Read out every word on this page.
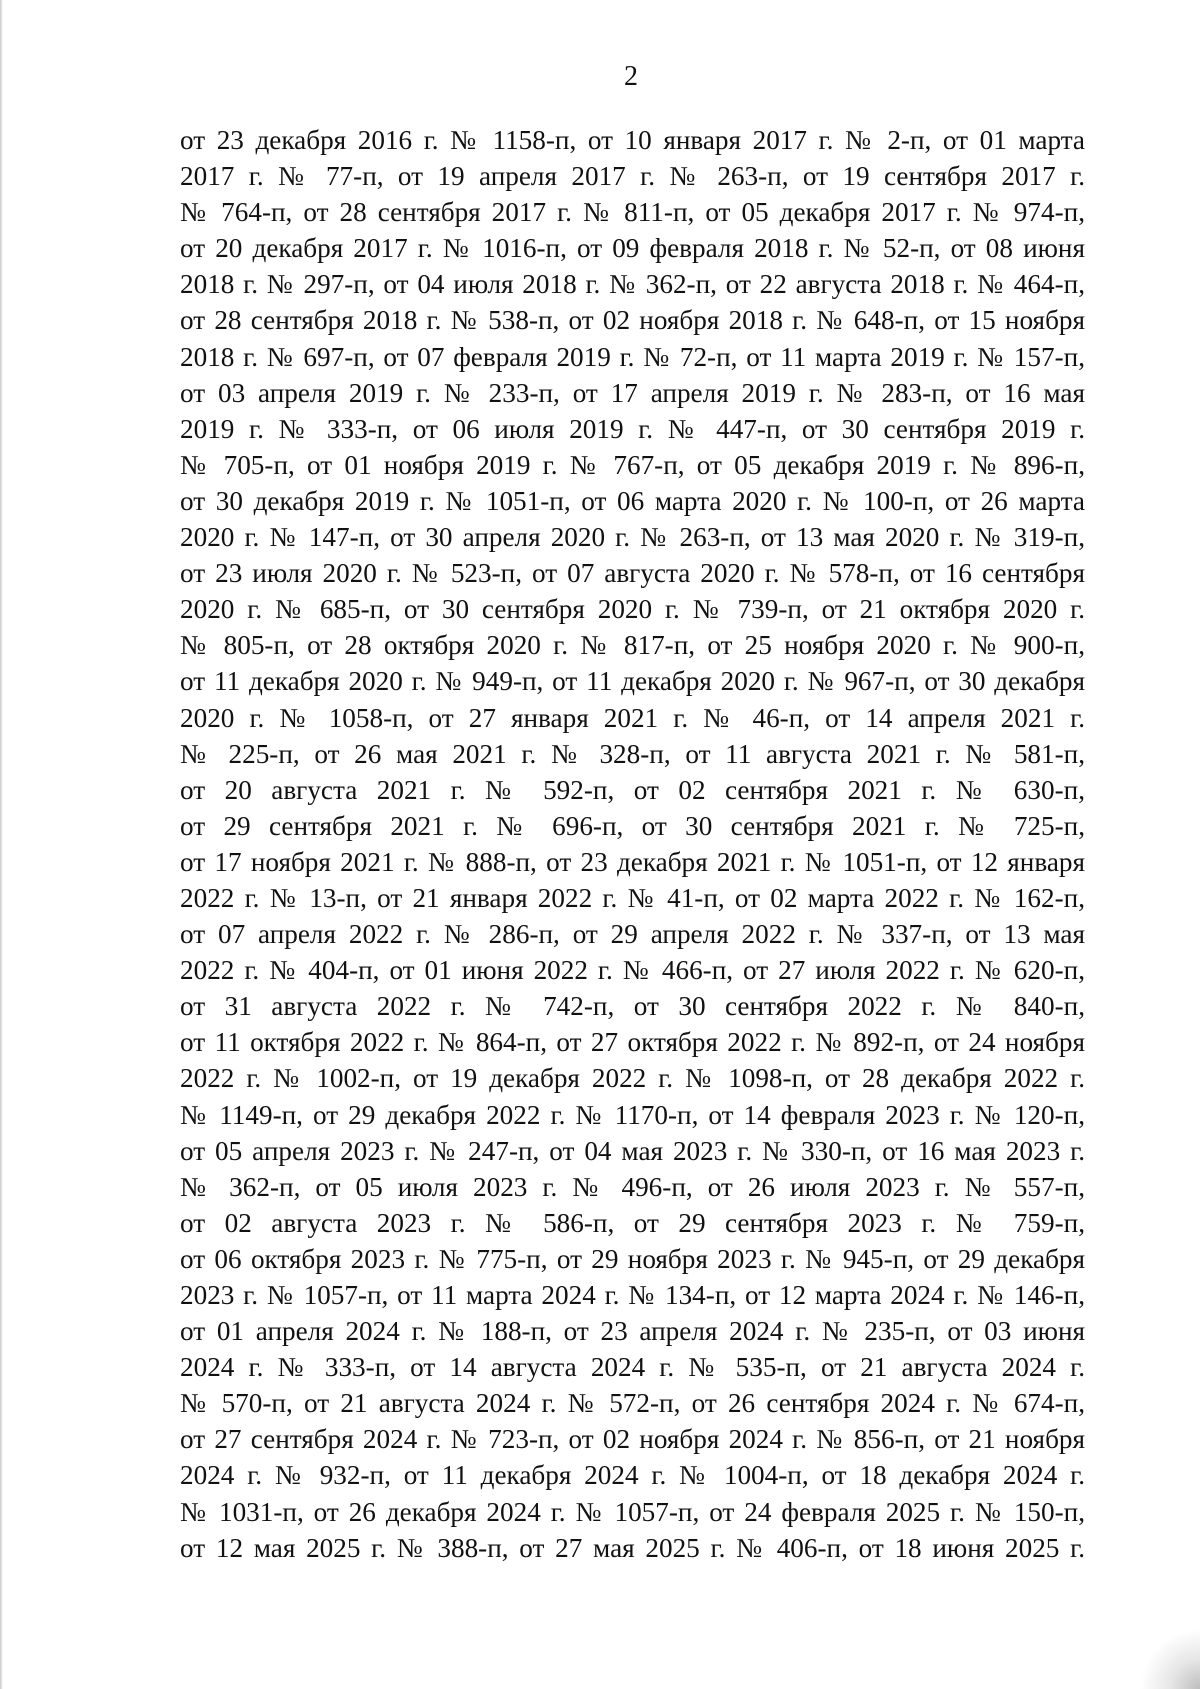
2
от 23 декабря 2016 г. № 1158-п, от 10 января 2017 г. № 2-п, от 01 марта
2017 г. № 77-п, от 19 апреля 2017 г. № 263-п, от 19 сентября 2017 г.
№ 764-п, от 28 сентября 2017 г. № 811-п, от 05 декабря 2017 г. № 974-п,
от 20 декабря 2017 г. № 1016-п, от 09 февраля 2018 г. № 52-п, от 08 июня
2018 г. № 297-п, от 04 июля 2018 г. № 362-п, от 22 августа 2018 г. № 464-п,
от 28 сентября 2018 г. № 538-п, от 02 ноября 2018 г. № 648-п, от 15 ноября
2018 г. № 697-п, от 07 февраля 2019 г. № 72-п, от 11 марта 2019 г. № 157-п,
от 03 апреля 2019 г. № 233-п, от 17 апреля 2019 г. № 283-п, от 16 мая
2019 г. № 333-п, от 06 июля 2019 г. № 447-п, от 30 сентября 2019 г.
№ 705-п, от 01 ноября 2019 г. № 767-п, от 05 декабря 2019 г. № 896-п,
от 30 декабря 2019 г. № 1051-п, от 06 марта 2020 г. № 100-п, от 26 марта
2020 г. № 147-п, от 30 апреля 2020 г. № 263-п, от 13 мая 2020 г. № 319-п,
от 23 июля 2020 г. № 523-п, от 07 августа 2020 г. № 578-п, от 16 сентября
2020 г. № 685-п, от 30 сентября 2020 г. № 739-п, от 21 октября 2020 г.
№ 805-п, от 28 октября 2020 г. № 817-п, от 25 ноября 2020 г. № 900-п,
от 11 декабря 2020 г. № 949-п, от 11 декабря 2020 г. № 967-п, от 30 декабря
2020 г. № 1058-п, от 27 января 2021 г. № 46-п, от 14 апреля 2021 г.
№ 225-п, от 26 мая 2021 г. № 328-п, от 11 августа 2021 г. № 581-п,
от 20 августа 2021 г. № 592-п, от 02 сентября 2021 г. № 630-п,
от 29 сентября 2021 г. № 696-п, от 30 сентября 2021 г. № 725-п,
от 17 ноября 2021 г. № 888-п, от 23 декабря 2021 г. № 1051-п, от 12 января
2022 г. № 13-п, от 21 января 2022 г. № 41-п, от 02 марта 2022 г. № 162-п,
от 07 апреля 2022 г. № 286-п, от 29 апреля 2022 г. № 337-п, от 13 мая
2022 г. № 404-п, от 01 июня 2022 г. № 466-п, от 27 июля 2022 г. № 620-п,
от 31 августа 2022 г. № 742-п, от 30 сентября 2022 г. № 840-п,
от 11 октября 2022 г. № 864-п, от 27 октября 2022 г. № 892-п, от 24 ноября
2022 г. № 1002-п, от 19 декабря 2022 г. № 1098-п, от 28 декабря 2022 г.
№ 1149-п, от 29 декабря 2022 г. № 1170-п, от 14 февраля 2023 г. № 120-п,
от 05 апреля 2023 г. № 247-п, от 04 мая 2023 г. № 330-п, от 16 мая 2023 г.
№ 362-п, от 05 июля 2023 г. № 496-п, от 26 июля 2023 г. № 557-п,
от 02 августа 2023 г. № 586-п, от 29 сентября 2023 г. № 759-п,
от 06 октября 2023 г. № 775-п, от 29 ноября 2023 г. № 945-п, от 29 декабря
2023 г. № 1057-п, от 11 марта 2024 г. № 134-п, от 12 марта 2024 г. № 146-п,
от 01 апреля 2024 г. № 188-п, от 23 апреля 2024 г. № 235-п, от 03 июня
2024 г. № 333-п, от 14 августа 2024 г. № 535-п, от 21 августа 2024 г.
№ 570-п, от 21 августа 2024 г. № 572-п, от 26 сентября 2024 г. № 674-п,
от 27 сентября 2024 г. № 723-п, от 02 ноября 2024 г. № 856-п, от 21 ноября
2024 г. № 932-п, от 11 декабря 2024 г. № 1004-п, от 18 декабря 2024 г.
№ 1031-п, от 26 декабря 2024 г. № 1057-п, от 24 февраля 2025 г. № 150-п,
от 12 мая 2025 г. № 388-п, от 27 мая 2025 г. № 406-п, от 18 июня 2025 г.
